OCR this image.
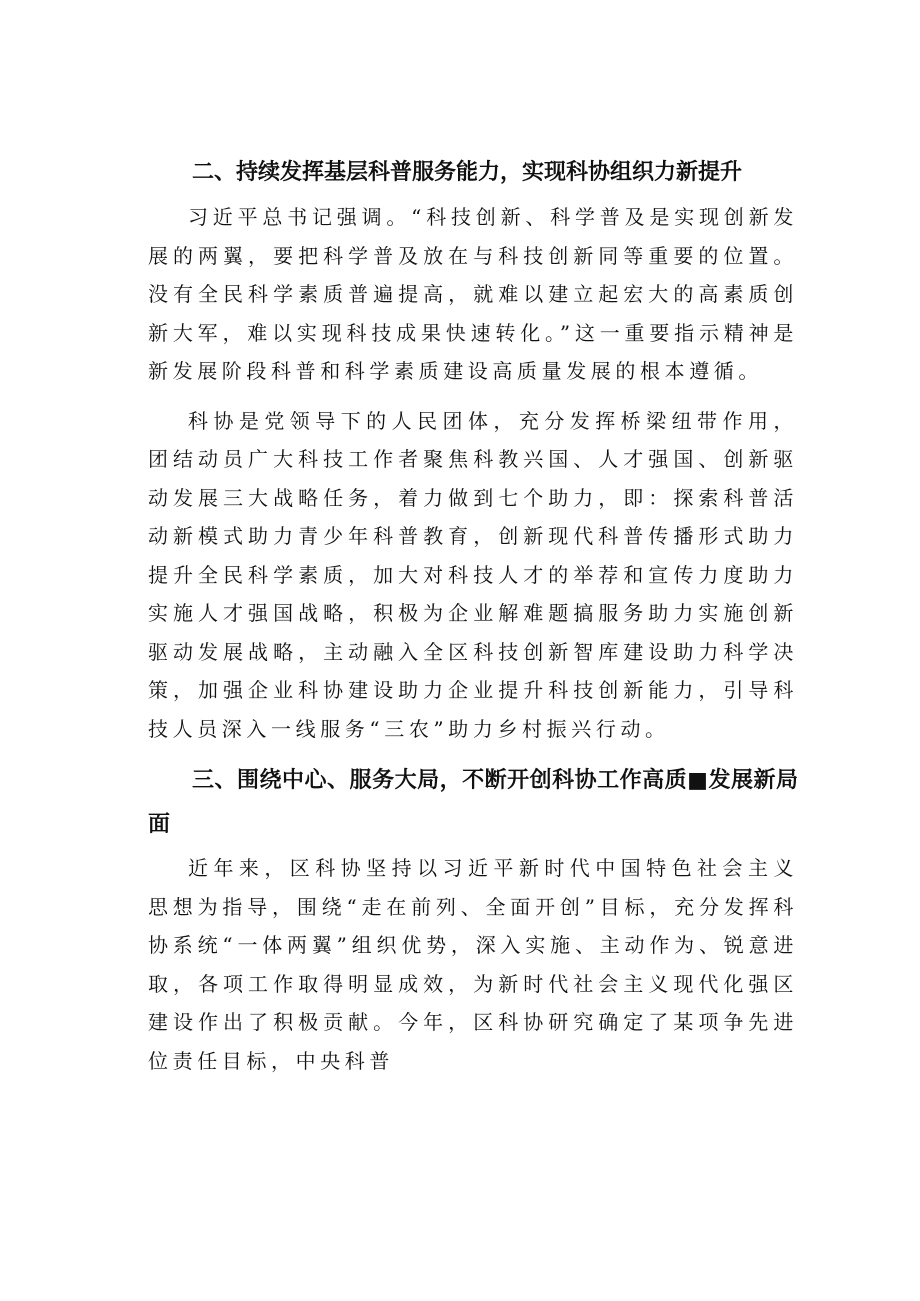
二、持续发挥基层科普服务能力，实现科协组织力新提升

习近平总书记强调。“科技创新、科学普及是实现创新发展的两翼，要把科学普及放在与科技创新同等重要的位置。没有全民科学素质普遍提高，就难以建立起宏大的高素质创新大军，难以实现科技成果快速转化。”这一重要指示精神是新发展阶段科普和科学素质建设高质量发展的根本遵循。

科协是党领导下的人民团体，充分发挥桥梁纽带作用，团结动员广大科技工作者聚焦科教兴国、人才强国、创新驱动发展三大战略任务，着力做到七个助力，即：探索科普活动新模式助力青少年科普教育，创新现代科普传播形式助力提升全民科学素质，加大对科技人才的举荐和宣传力度助力实施人才强国战略，积极为企业解难题搞服务助力实施创新驱动发展战略，主动融入全区科技创新智库建设助力科学决策，加强企业科协建设助力企业提升科技创新能力，引导科技人员深入一线服务“三农”助力乡村振兴行动。

三、围绕中心、服务大局，不断开创科协工作高质■发展新局面

近年来，区科协坚持以习近平新时代中国特色社会主义思想为指导，围绕“走在前列、全面开创”目标，充分发挥科协系统“一体两翼”组织优势，深入实施、主动作为、锐意进取，各项工作取得明显成效，为新时代社会主义现代化强区建设作出了积极贡献。今年，区科协研究确定了某项争先进位责任目标，中央科普
